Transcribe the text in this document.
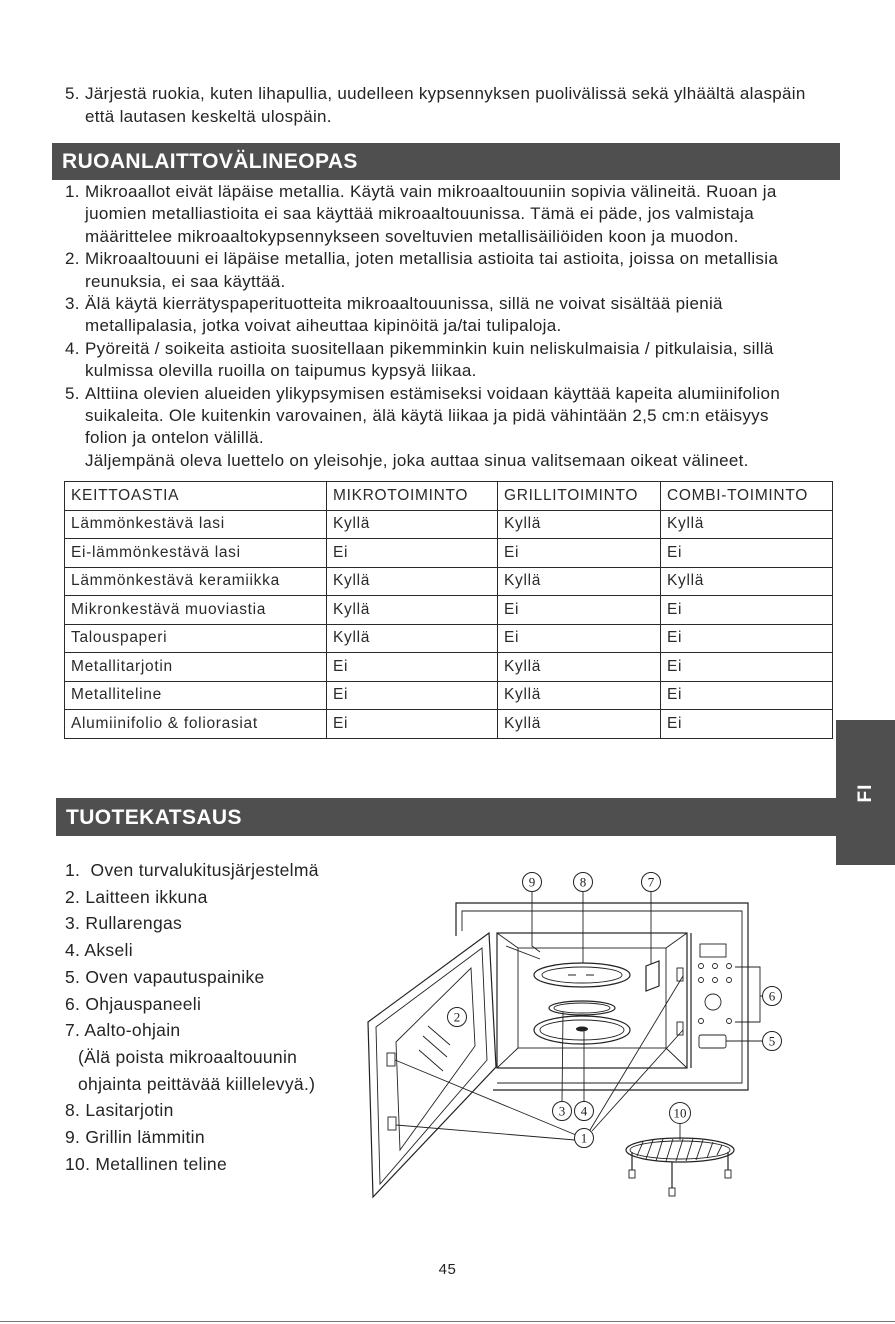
5. Järjestä ruokia, kuten lihapullia, uudelleen kypsennyksen puolivälissä sekä ylhäältä alaspäin
että lautasen keskeltä ulospäin.
RUOANLAITTOVÄLINEOPAS
1. Mikroaallot eivät läpäise metallia. Käytä vain mikroaaltouuniin sopivia välineitä. Ruoan ja
juomien metalliastioita ei saa käyttää mikroaaltouunissa. Tämä ei päde, jos valmistaja
määrittelee mikroaaltokypsennykseen soveltuvien metallisäiliöiden koon ja muodon.
2. Mikroaaltouuni ei läpäise metallia, joten metallisia astioita tai astioita, joissa on metallisia
reunuksia, ei saa käyttää.
3. Älä käytä kierrätyspaperituotteita mikroaaltouunissa, sillä ne voivat sisältää pieniä
metallipalasia, jotka voivat aiheuttaa kipinöitä ja/tai tulipaloja.
4. Pyöreitä / soikeita astioita suositellaan pikemminkin kuin neliskulmaisia / pitkulaisia, sillä
kulmissa olevilla ruoilla on taipumus kypsyä liikaa.
5. Alttiina olevien alueiden ylikypsymisen estämiseksi voidaan käyttää kapeita alumiinifolion
suikaleita. Ole kuitenkin varovainen, älä käytä liikaa ja pidä vähintään 2,5 cm:n etäisyys
folion ja ontelon välillä.
Jäljempänä oleva luettelo on yleisohje, joka auttaa sinua valitsemaan oikeat välineet.
KEITTOASTIA	MIKROTOIMINTO	GRILLITOIMINTO	COMBI-TOIMINTO
Lämmönkestävä lasi	Kyllä	Kyllä	Kyllä
Ei-lämmönkestävä lasi	Ei	Ei	Ei
Lämmönkestävä keramiikka	Kyllä	Kyllä	Kyllä
Mikronkestävä muoviastia	Kyllä	Ei	Ei
Talouspaperi	Kyllä	Ei	Ei
Metallitarjotin	Ei	Kyllä	Ei
Metalliteline	Ei	Kyllä	Ei
Alumiinifolio & foliorasiat	Ei	Kyllä	Ei
FI
TUOTEKATSAUS
1. Oven turvalukitusjärjestelmä
2. Laitteen ikkuna
3. Rullarengas
4. Akseli
5. Oven vapautuspainike
6. Ohjauspaneeli
7. Aalto-ohjain
(Älä poista mikroaaltouunin
ohjainta peittävää kiillelevyä.)
8. Lasitarjotin
9. Grillin lämmitin
10. Metallinen teline
1
2
3 4
5
6
7
8
9
10
45
